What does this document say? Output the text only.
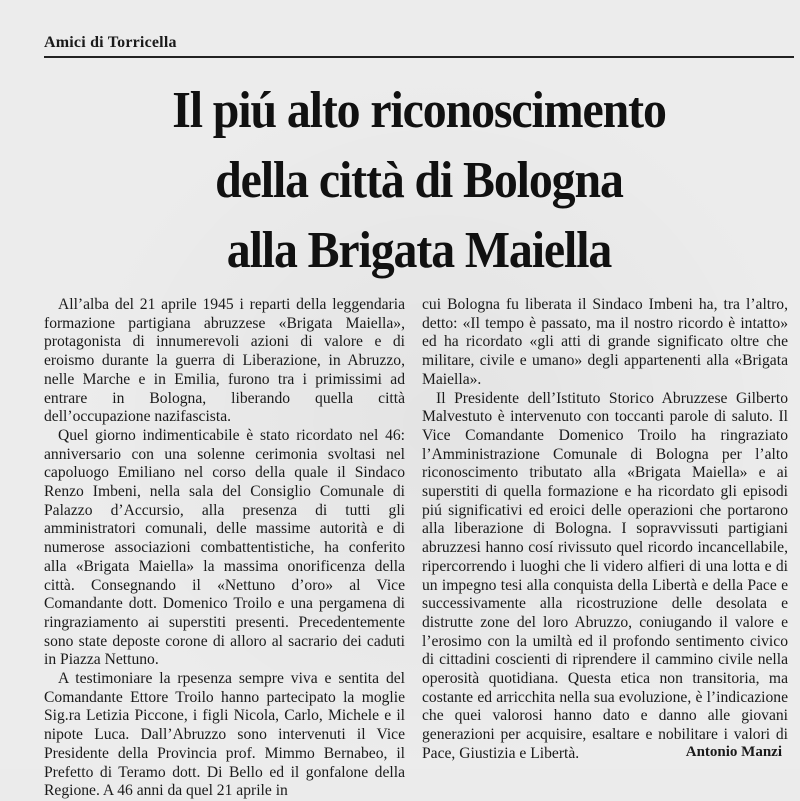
Amici di Torricella
Il piú alto riconoscimento
della città di Bologna
alla Brigata Maiella

All’alba del 21 aprile 1945 i reparti della leggendaria formazione partigiana abruzzese «Brigata Maiella», protagonista di innumerevoli azioni di valore e di eroismo durante la guerra di Liberazione, in Abruzzo, nelle Marche e in Emilia, furono tra i primissimi ad entrare in Bologna, liberando quella città dell’occupazione nazifascista.

Quel giorno indimenticabile è stato ricordato nel 46: anniversario con una solenne cerimonia svoltasi nel capoluogo Emiliano nel corso della quale il Sindaco Renzo Imbeni, nella sala del Consiglio Comunale di Palazzo d’Accursio, alla presenza di tutti gli amministratori comunali, delle massime autorità e di numerose associazioni combattentistiche, ha conferito alla «Brigata Maiella» la massima onorificenza della città. Consegnando il «Nettuno d’oro» al Vice Comandante dott. Domenico Troilo e una pergamena di ringraziamento ai superstiti presenti. Precedentemente sono state deposte corone di alloro al sacrario dei caduti in Piazza Nettuno.

A testimoniare la rpesenza sempre viva e sentita del Comandante Ettore Troilo hanno partecipato la moglie Sig.ra Letizia Piccone, i figli Nicola, Carlo, Michele e il nipote Luca. Dall’Abruzzo sono intervenuti il Vice Presidente della Provincia prof. Mimmo Bernabeo, il Prefetto di Teramo dott. Di Bello ed il gonfalone della Regione. A 46 anni da quel 21 aprile in

cui Bologna fu liberata il Sindaco Imbeni ha, tra l’altro, detto: «Il tempo è passato, ma il nostro ricordo è intatto» ed ha ricordato «gli atti di grande significato oltre che militare, civile e umano» degli appartenenti alla «Brigata Maiella».

Il Presidente dell’Istituto Storico Abruzzese Gilberto Malvestuto è intervenuto con toccanti parole di saluto. Il Vice Comandante Domenico Troilo ha ringraziato l’Amministrazione Comunale di Bologna per l’alto riconoscimento tributato alla «Brigata Maiella» e ai superstiti di quella formazione e ha ricordato gli episodi piú significativi ed eroici delle operazioni che portarono alla liberazione di Bologna. I sopravvissuti partigiani abruzzesi hanno cosí rivissuto quel ricordo incancellabile, ripercorrendo i luoghi che li videro alfieri di una lotta e di un impegno tesi alla conquista della Libertà e della Pace e successivamente alla ricostruzione delle desolata e distrutte zone del loro Abruzzo, coniugando il valore e l’erosimo con la umiltà ed il profondo sentimento civico di cittadini coscienti di riprendere il cammino civile nella operosità quotidiana. Questa etica non transitoria, ma costante ed arricchita nella sua evoluzione, è l’indicazione che quei valorosi hanno dato e danno alle giovani generazioni per acquisire, esaltare e nobilitare i valori di Pace, Giustizia e Libertà.	Antonio Manzi
